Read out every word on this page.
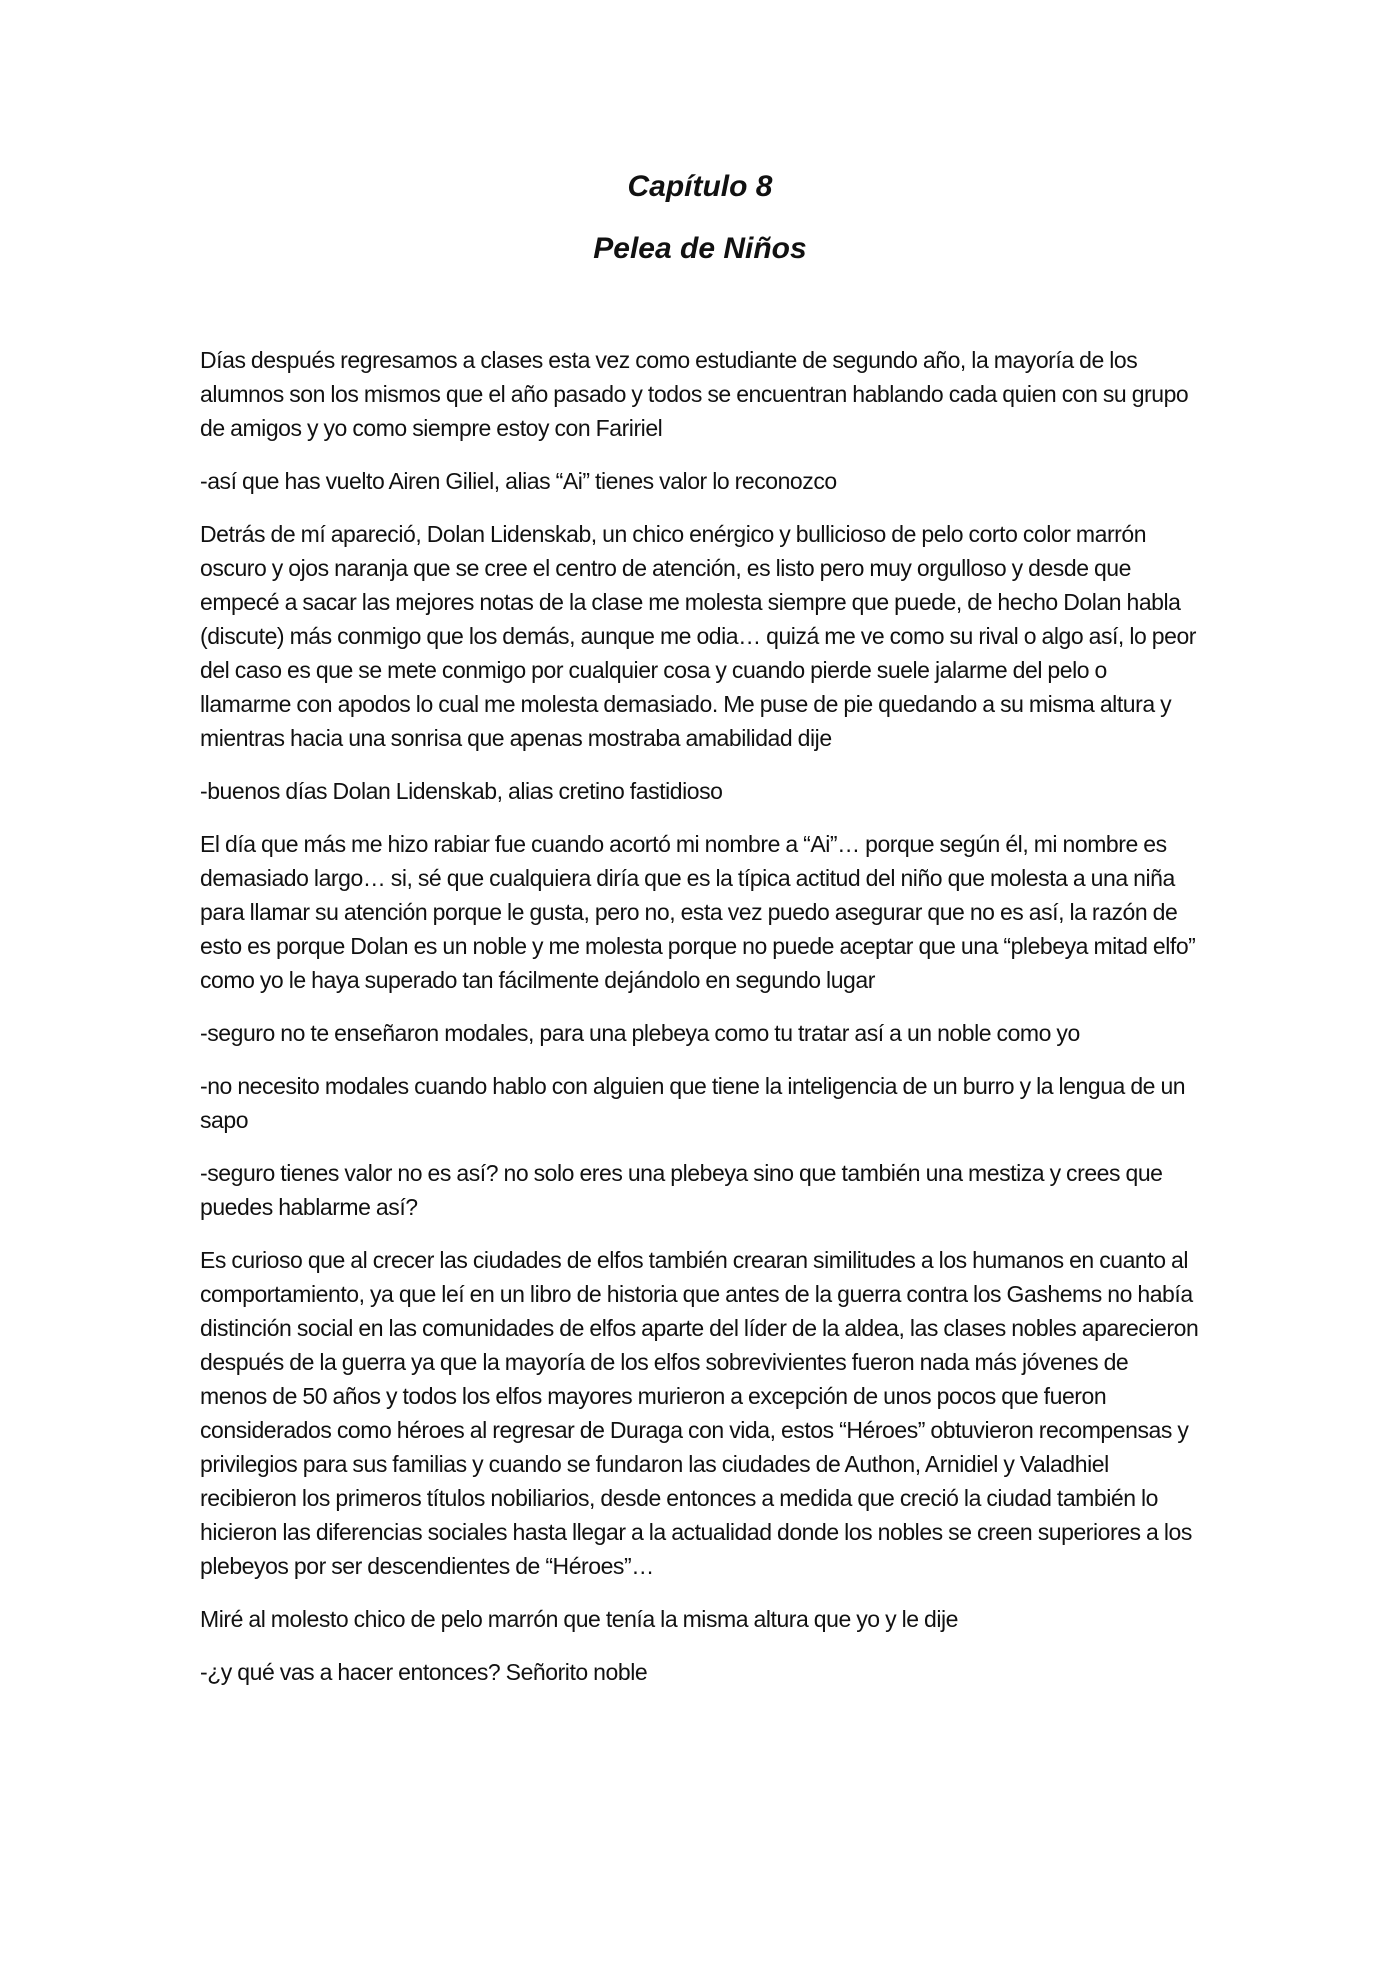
Capítulo 8
Pelea de Niños

Días después regresamos a clases esta vez como estudiante de segundo año, la mayoría de los alumnos son los mismos que el año pasado y todos se encuentran hablando cada quien con su grupo de amigos y yo como siempre estoy con Faririel

-así que has vuelto Airen Giliel, alias “Ai” tienes valor lo reconozco

Detrás de mí apareció, Dolan Lidenskab, un chico enérgico y bullicioso de pelo corto color marrón oscuro y ojos naranja que se cree el centro de atención, es listo pero muy orgulloso y desde que empecé a sacar las mejores notas de la clase me molesta siempre que puede, de hecho Dolan habla (discute) más conmigo que los demás, aunque me odia… quizá me ve como su rival o algo así, lo peor del caso es que se mete conmigo por cualquier cosa y cuando pierde suele jalarme del pelo o llamarme con apodos lo cual me molesta demasiado. Me puse de pie quedando a su misma altura y mientras hacia una sonrisa que apenas mostraba amabilidad dije

-buenos días Dolan Lidenskab, alias cretino fastidioso

El día que más me hizo rabiar fue cuando acortó mi nombre a “Ai”… porque según él, mi nombre es demasiado largo… si, sé que cualquiera diría que es la típica actitud del niño que molesta a una niña para llamar su atención porque le gusta, pero no, esta vez puedo asegurar que no es así, la razón de esto es porque Dolan es un noble y me molesta porque no puede aceptar que una “plebeya mitad elfo” como yo le haya superado tan fácilmente dejándolo en segundo lugar

-seguro no te enseñaron modales, para una plebeya como tu tratar así a un noble como yo

-no necesito modales cuando hablo con alguien que tiene la inteligencia de un burro y la lengua de un sapo

-seguro tienes valor no es así? no solo eres una plebeya sino que también una mestiza y crees que puedes hablarme así?

Es curioso que al crecer las ciudades de elfos también crearan similitudes a los humanos en cuanto al comportamiento, ya que leí en un libro de historia que antes de la guerra contra los Gashems no había distinción social en las comunidades de elfos aparte del líder de la aldea, las clases nobles aparecieron después de la guerra ya que la mayoría de los elfos sobrevivientes fueron nada más jóvenes de menos de 50 años y todos los elfos mayores murieron a excepción de unos pocos que fueron considerados como héroes al regresar de Duraga con vida, estos “Héroes” obtuvieron recompensas y privilegios para sus familias y cuando se fundaron las ciudades de Authon, Arnidiel y Valadhiel recibieron los primeros títulos nobiliarios, desde entonces a medida que creció la ciudad también lo hicieron las diferencias sociales hasta llegar a la actualidad donde los nobles se creen superiores a los plebeyos por ser descendientes de “Héroes”…

Miré al molesto chico de pelo marrón que tenía la misma altura que yo y le dije

-¿y qué vas a hacer entonces? Señorito noble
